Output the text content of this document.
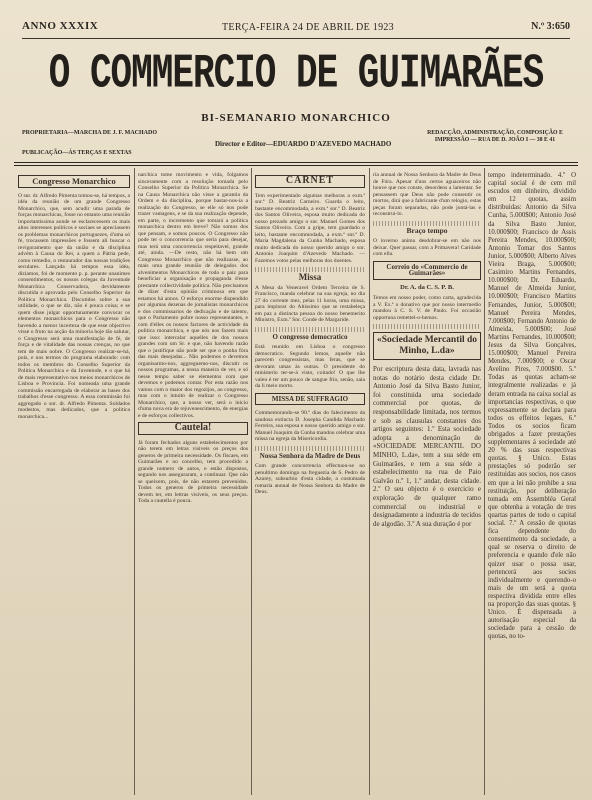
ANNO XXXIX	TERÇA-FEIRA 24 DE ABRIL DE 1923	N.º 3:650
O COMMERCIO DE GUIMARÃES
BI-SEMANARIO MONARCHICO
PROPRIETARIA—MARCHA DE J. F. MACHADO
PUBLICAÇÃO—ÁS TERÇAS E SEXTAS
Director e Editor—EDUARDO D'AZEVEDO MACHADO
REDACÇÃO, ADMINISTRAÇÃO, COMPOSIÇÃO E IMPRESSÃO — RUA DE D. JOÃO I — 38 E 41
Congresso Monarchico

O snr. dr. Alfredo Pimenta tomou-se, há tempos, a idéa da reunião de um grande Congresso Monarchico, que, sem acudir uma parada de forças monarchicas, fosse no entanto uma reunião importantissima aonde se esclarecessem os mais altos interesses politicos e sociaes se apreciassem os problemas monarchicos portuguezes, d'uma só fé, trocassem impressões e fossem ali buscar o revigoramento que da união e da disciplina advém à Causa do Rei, a quem a Pátria pede, como remedio, o restaurador das nossas tradições seculares. Lançada há tempos essa idéa, dizíamos, foi de momento p. p. perante unanimes consentimentos, os nossos colegas da Juventude Monarchica Conservadora, devidamente discutida e aprovada pelo Conselho Superior da Politica Monarchica. Discutidos sobre a sua utilidade, o que se diz, não é pouca coisa; e se quem disse julgar opportunamente convocar os elementos monarchicos para o Congresso não havendo a menor incerteza de que esse objectivo visse o fruto na acção da minoria hoje tão salutar, o Congresso será uma manifestação de fé, de força e de vitalidade das nossas crenças, no que tem de mais nobre. O Congresso realizar-se-há, pois, e nos termos do programa elaborado: com todos os membros do Conselho Superior da Politica Monarchica e da Juventude, e o que há de mais representativo nos meios monarchicos de Lisboa e Provincia. Foi nomeada uma grande commissão encarregada de elaborar as bases dos trabalhos d'esse congresso. A essa commissão foi aggregado o snr. dr. Alfredo Pimenta. Soldados modestos, mas dedicados, que a politica monarchica...

narchica tome movimento e vida, folgamos sinceramente com a resolução tomada pelo Conselho Superior da Politica Monarchica. Se na Causa Monarchica não visse a garantia da Ordem e da disciplina, porque bastar-nos-ia a realização do Congresso, se elle só nos pode trazer vantagens, e se da sua realização depende, em parte, o incremento que tomará a politica monarchica dentro em breve? Não somos dos que pensam, e somos poucos. O Congresso não pode ter o concorrencia que seria para desejar, mas terá uma concorrencia respeitavel, grande até, ainda. —De resto, não há bem um Congresso Monarchico que não realizasse, ao mais uma grande reunião de delegados dos alvenimentos Monarchicos de todo o paiz para beneficiar a organisação e propaganda d'esse prestante collectividade politica. Não precisamos de dizer d'esta opinião criminosa em que estamos há annos. O esforço enorme dispendido por algumas dezenas de jornalistas monarchicos e dos commissarios de dedicação e de talento, que o Parlamento pobre nosso representantes, e com d'elles os nossos factores de actividade da politica monarchica, e que nós nos fazem mais que isso: intercalar aquelles de dos nossos grandes com um Sr. e que, não havendo razão que o justifique não pode ser que o ponha fóra das mais desejadas... Não podemos e devemos organisarmo-nos, aggreguemo-nos, discutir os nossos programas, a nossa maneira de ver, e só nesse tempo saber se elementos com que devemos e podemos contar. Por esta razão nos vamos com o maior dos regozijos, ao congresso, mas com o intuito de realizar o Congresso Monarchico, que, a nosso ver, será o inicio d'uma nova era de rejuvenescimento, de energias e de esforços collectivos.

Cautela!

Já foram fechados alguns estabelecimentos por não terem em letras visiveis os preços dos generos de primeira necessidade. Os fiscaes, em Guimarães e no concelho, tem procedido a grande numero de autos, e estão dispostos, segundo nos asseguraram, a continuar. Que não se queixem, pois, de não estarem prevenidos. Todos os generos de primeira necessidade devem ter, em lettras visiveis, os seus preços. Toda a cautella é pouca.

CARNET

Tem experimentado algumas melhoras a exm.ª snr.ª D. Beatriz Carneiro. Guarda o leito, bastante encommodada, a exm.ª snr.ª D. Beatriz dos Santos Oliveira, esposa muito dedicada do nosso prezado amigo o snr. Manuel Gomes dos Santos Oliveira. Com a gripe, tem guardado o leito, bastante encommodada, a exm.ª snr.ª D. Maria Magdalena da Cunha Machado, esposa muito dedicada do nosso querido amigo o snr. Antonio Joaquim d'Azevedo Machado. —Fazemos votos pelas melhoras dos doentes.

Missa

A Mesa da Veneravel Ordem Terceira de S. Francisco, manda celebrar na sua egreja, no dia 27 do corrente mez, pelas 11 horas, uma missa, para implorar do Altissimo que se restabeleça em paz a distincta pessoa do nosso benemerito Ministro, Exm.º Snr. Conde de Margaride.

O congresso democratico

Está reunido em Lisboa o congresso democratico. Segundo lemos, aquelle não parecem congressistas, mas feras, que se devoram umas às outras. O presidente do ministerio ter-se-á visto, coitado! O que lhe valeu é ter um pouco de sangue frio, senão, saia da li meio morto.

MISSA DE SUFFRAGIO

Commemorando-se 90.º dias do falecimento da saudosa extincta D. Josepha Candida Machado Ferreira, sua esposa e nosso querido amigo o snr. Manuel Joaquim da Cunha mandou celebrar uma missa na egreja da Misericordia.

Nossa Senhora da Madre de Deus

Com grande concorrencia effectuou-se no penultimo domingo na freguezia de S. Pedro de Azurey, subsurbio d'esta cidade, a costumada romaria annual de Nossa Senhora da Madre de Deus.

ria annual de Nossa Senhora da Madre de Deus de Fóra. Apesar d'uns certos aguaceiros não houve que nos conste, desordens a lamentar. Se pensassem que Deus não pode consentir os mortos, dirá que a fabricante d'um relogio, estas peças foram separadas, não pode juntá-las e reconstrui-lo.

Braço tempo

O inverno anima desdobrar-se em não nos deixar. Quer passar, com a Primavera! Caridade com ella.

Correio do «Commercio de Guimarães»
Dr. A. da C. S. P. B.

Temos em nosso poder, como carta, agradecida a V. Ex.ª o donativo que por nosso intermedio mandou à C. S. V. de Paulo. Foi occasião opportuna remettel-o-hemos.

«Sociedade Mercantil do Minho, L.da»

Por escriptura desta data, lavrada nas notas do notário desta cidade Dr. Antonio José da Silva Basto Junior, foi constituida uma sociedade commercial por quotas, de responsabilidade limitada, nos termos e sob as clausulas constantes dos artigos seguintes: 1.º Esta sociedade adopta a denominação de «SOCIEDADE MERCANTIL DO MINHO, L.da», tem a sua séde em Guimarães, e tem a sua séde a estabelecimento na rua de Paio Galvão n.º 1, 1.º andar, desta cidade. 2.º O seu objecto é o exercicio e exploração de qualquer ramo commercial ou industrial e designadamente a industria de tecidos de algodão. 3.º A sua duração é por

tempo indeterminado. 4.º O capital social é de cem mil escudos em dinheiro, dividido em 12 quotas, assim distribuidas: Antonio da Silva Cunha, 5.000$00; Antonio José da Silva Basto Junior, 10.000$00; Francisco de Assis Pereira Mendes, 10.000$00; Antonio Tomar dos Santos Junior, 5.000$00; Alberto Alves Vieira Braga, 5.000$00; Casimiro Martins Fernandes, 10.000$00; Dr. Eduardo, Manuel de Almeida Junior, 10.000$00; Francisco Martins Fernandes, Junior, 5.000$00; Manuel Pereira Mendes, 7.000$00; Fernando Antonio de Almeida, 5.000$00; José Martins Fernandes, 10.000$00; Jesus da Silva Gonçalves, 15.000$00; Manuel Pereira Mendes, 7.000$00; e Oscar Avelino Pires, 7.000$00. 5.º Todas as quotas acham-se integralmente realizadas e já deram entrada na caixa social as importancias respectivas, o que expressamente se declara para todos os effeitos legaes. 6.º Todos os socios ficam obrigados a fazer prestações supplementares á sociedade até 20 % das suas respectivas quotas. § Unico. Estas prestações só poderão ser restituidas aos socios, nos casos em que a lei não prohibe a sua restituição, por deliberação tomada em Assembléa Geral que obtenha a votação de tres quartas partes de todo o capital social. 7.º A cessão de quotas fica dependente do consentimento da sociedade, a qual se reserva o direito de preferencia e quando d'ele não quizer usar o possa usar, pertencerá aos socios individualmente e querendo-o mais de um será a quota respectiva dividida entre elles na proporção das suas quotas. § Unico. É dispensada a autorisação especial da sociedade para a cessão de quotas, no to-
